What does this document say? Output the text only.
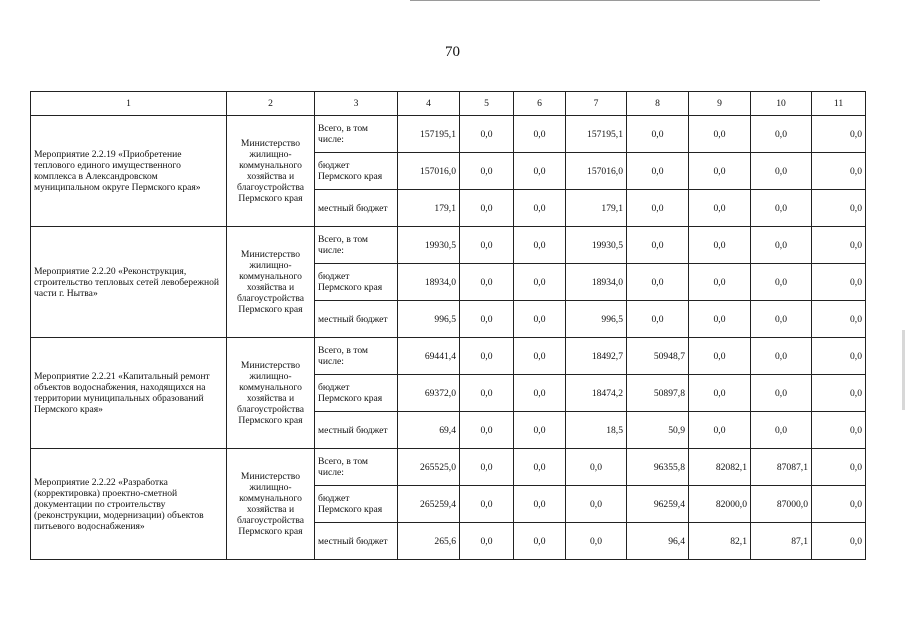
70
1	2	3	4	5	6	7	8	9	10	11
Мероприятие 2.2.19 «Приобретение теплового единого имущественного комплекса в Александровском муниципальном округе Пермского края»	Министерство жилищно-коммунального хозяйства и благоустройства Пермского края	Всего, в том числе:	157195,1	0,0	0,0	157195,1	0,0	0,0	0,0	0,0
		бюджет Пермского края	157016,0	0,0	0,0	157016,0	0,0	0,0	0,0	0,0
		местный бюджет	179,1	0,0	0,0	179,1	0,0	0,0	0,0	0,0
Мероприятие 2.2.20 «Реконструкция, строительство тепловых сетей левобережной части г. Нытва»	Министерство жилищно-коммунального хозяйства и благоустройства Пермского края	Всего, в том числе:	19930,5	0,0	0,0	19930,5	0,0	0,0	0,0	0,0
		бюджет Пермского края	18934,0	0,0	0,0	18934,0	0,0	0,0	0,0	0,0
		местный бюджет	996,5	0,0	0,0	996,5	0,0	0,0	0,0	0,0
Мероприятие 2.2.21 «Капитальный ремонт объектов водоснабжения, находящихся на территории муниципальных образований Пермского края»	Министерство жилищно-коммунального хозяйства и благоустройства Пермского края	Всего, в том числе:	69441,4	0,0	0,0	18492,7	50948,7	0,0	0,0	0,0
		бюджет Пермского края	69372,0	0,0	0,0	18474,2	50897,8	0,0	0,0	0,0
		местный бюджет	69,4	0,0	0,0	18,5	50,9	0,0	0,0	0,0
Мероприятие 2.2.22 «Разработка (корректировка) проектно-сметной документации по строительству (реконструкции, модернизации) объектов питьевого водоснабжения»	Министерство жилищно-коммунального хозяйства и благоустройства Пермского края	Всего, в том числе:	265525,0	0,0	0,0	0,0	96355,8	82082,1	87087,1	0,0
		бюджет Пермского края	265259,4	0,0	0,0	0,0	96259,4	82000,0	87000,0	0,0
		местный бюджет	265,6	0,0	0,0	0,0	96,4	82,1	87,1	0,0
